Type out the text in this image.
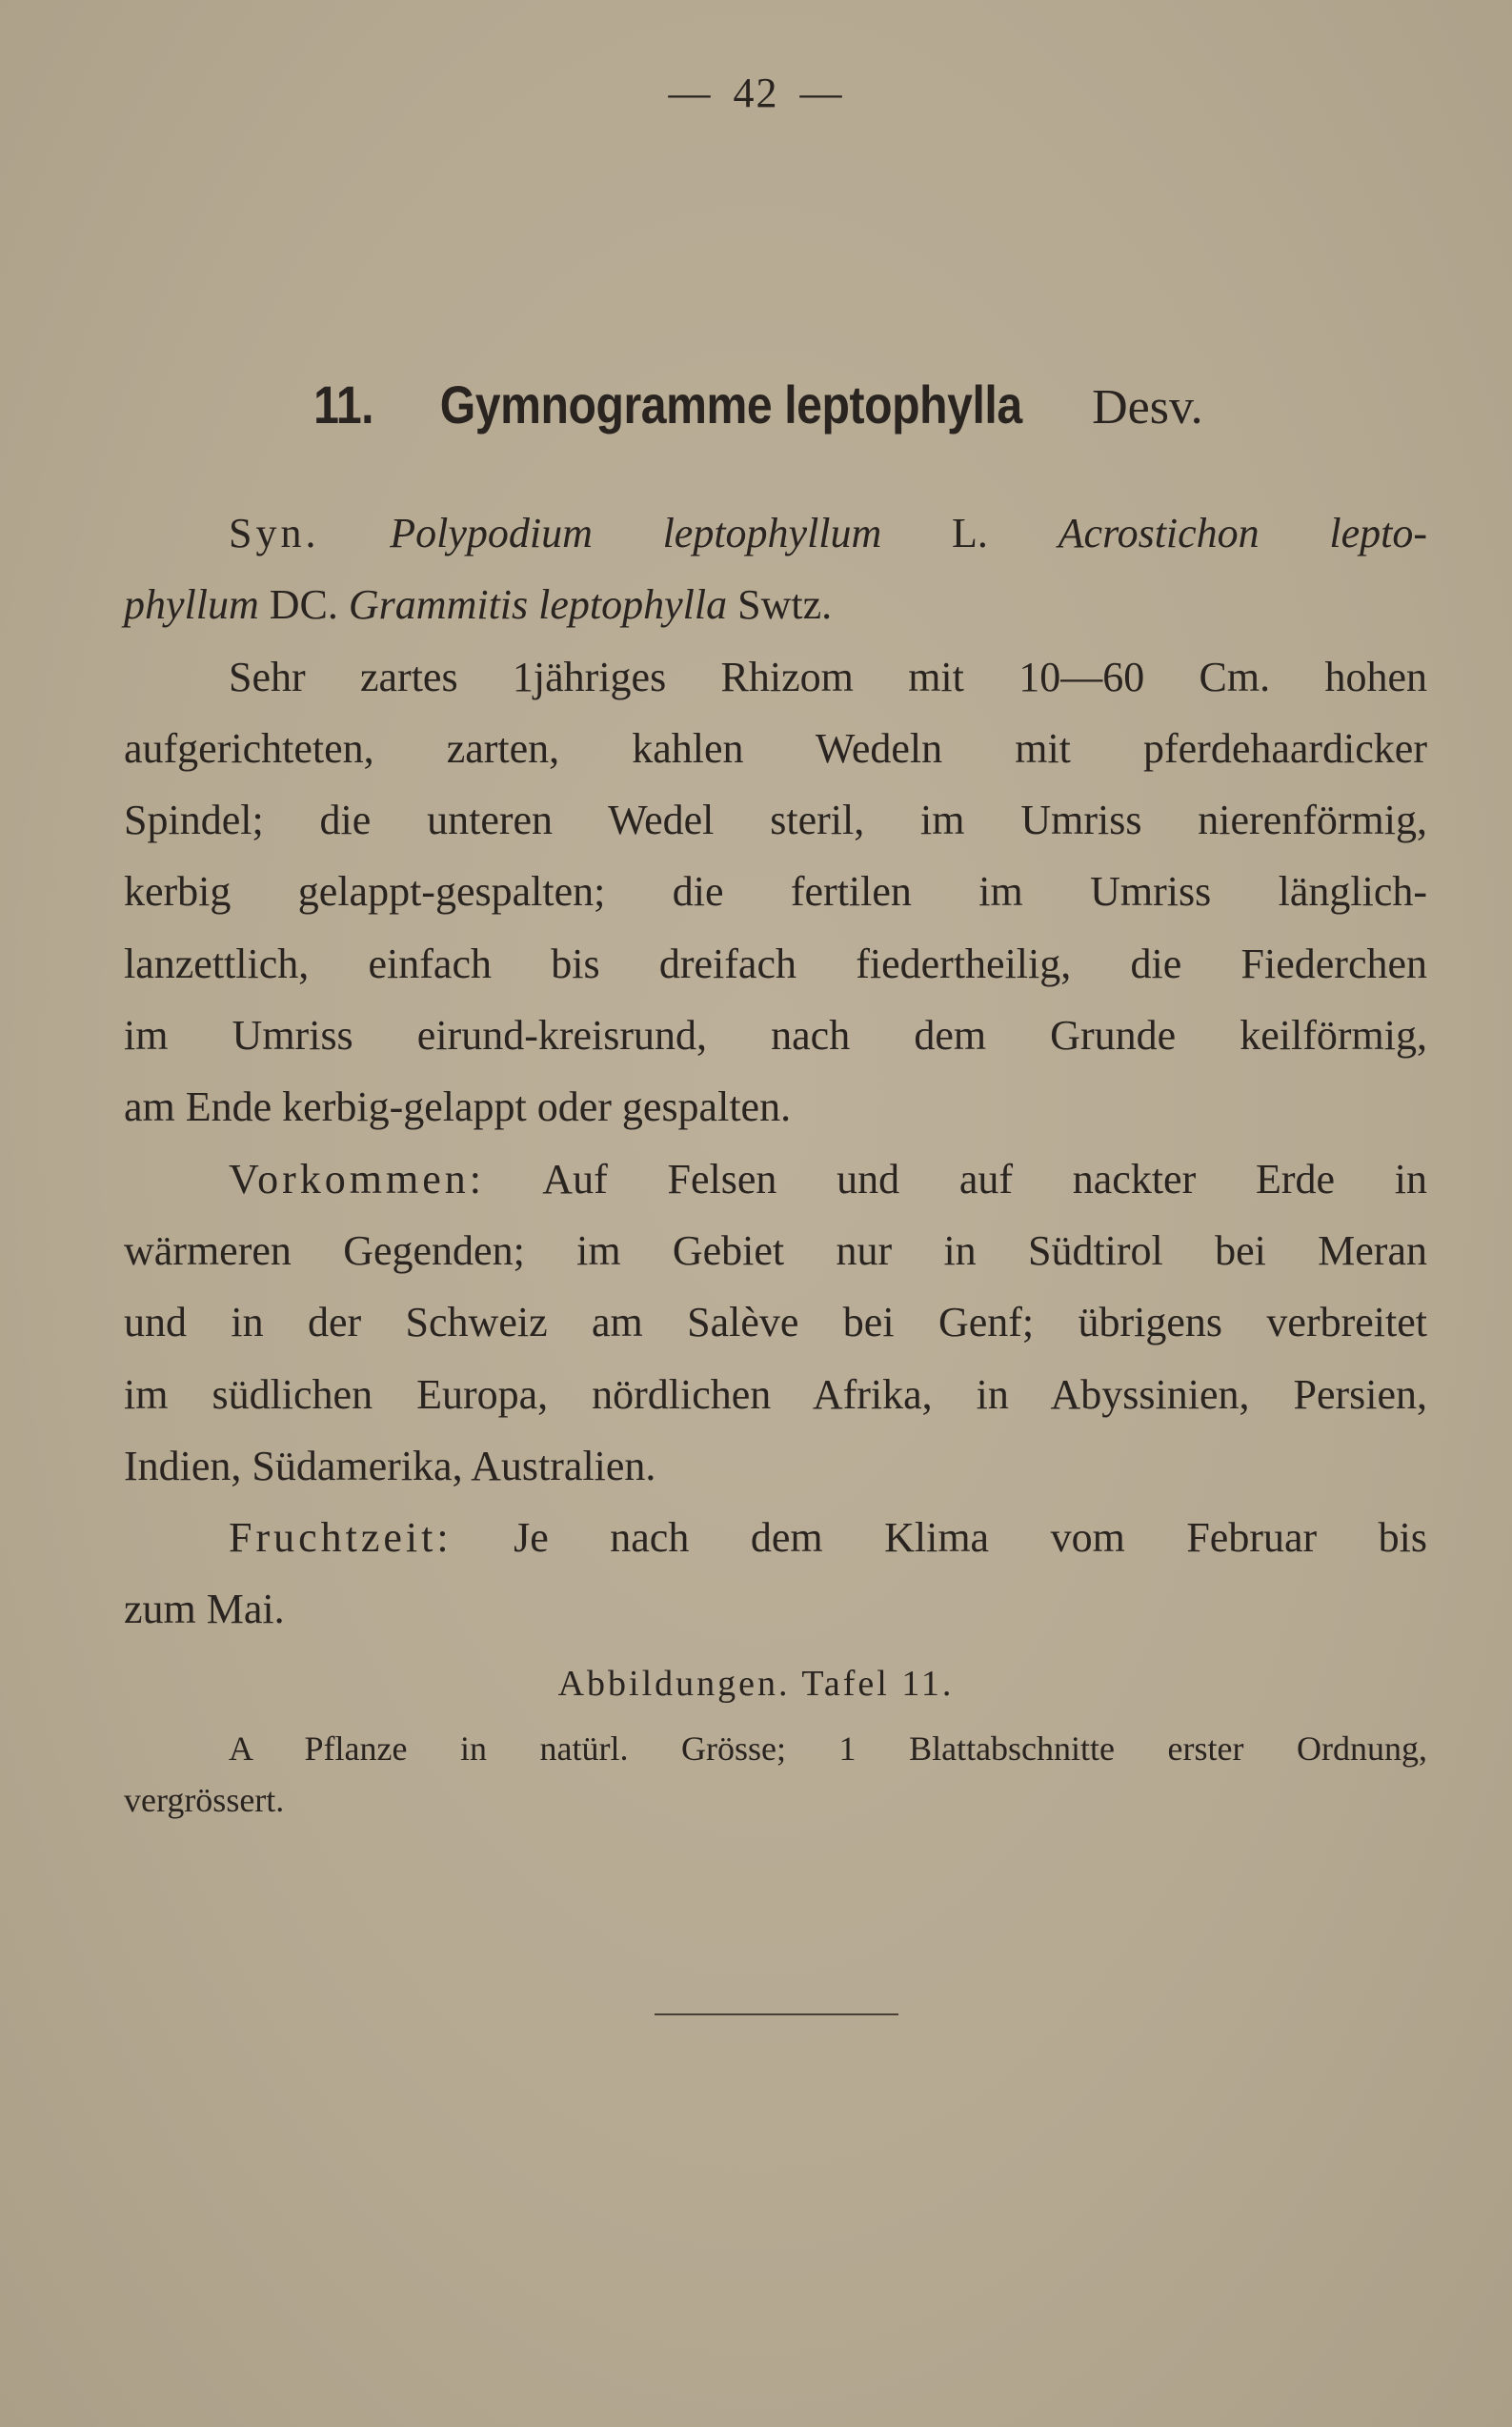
— 42 —
11. Gymnogramme leptophylla Desv.
Syn. Polypodium leptophyllum L. Acrostichon lepto-
phyllum DC. Grammitis leptophylla Swtz.
Sehr zartes 1jähriges Rhizom mit 10—60 Cm. hohen
aufgerichteten, zarten, kahlen Wedeln mit pferdehaardicker
Spindel; die unteren Wedel steril, im Umriss nierenförmig,
kerbig gelappt-gespalten; die fertilen im Umriss länglich-
lanzettlich, einfach bis dreifach fiedertheilig, die Fiederchen
im Umriss eirund-kreisrund, nach dem Grunde keilförmig,
am Ende kerbig-gelappt oder gespalten.
Vorkommen: Auf Felsen und auf nackter Erde in
wärmeren Gegenden; im Gebiet nur in Südtirol bei Meran
und in der Schweiz am Salève bei Genf; übrigens verbreitet
im südlichen Europa, nördlichen Afrika, in Abyssinien, Persien,
Indien, Südamerika, Australien.
Fruchtzeit: Je nach dem Klima vom Februar bis
zum Mai.
Abbildungen. Tafel 11.
A Pflanze in natürl. Grösse; 1 Blattabschnitte erster Ordnung,
vergrössert.
